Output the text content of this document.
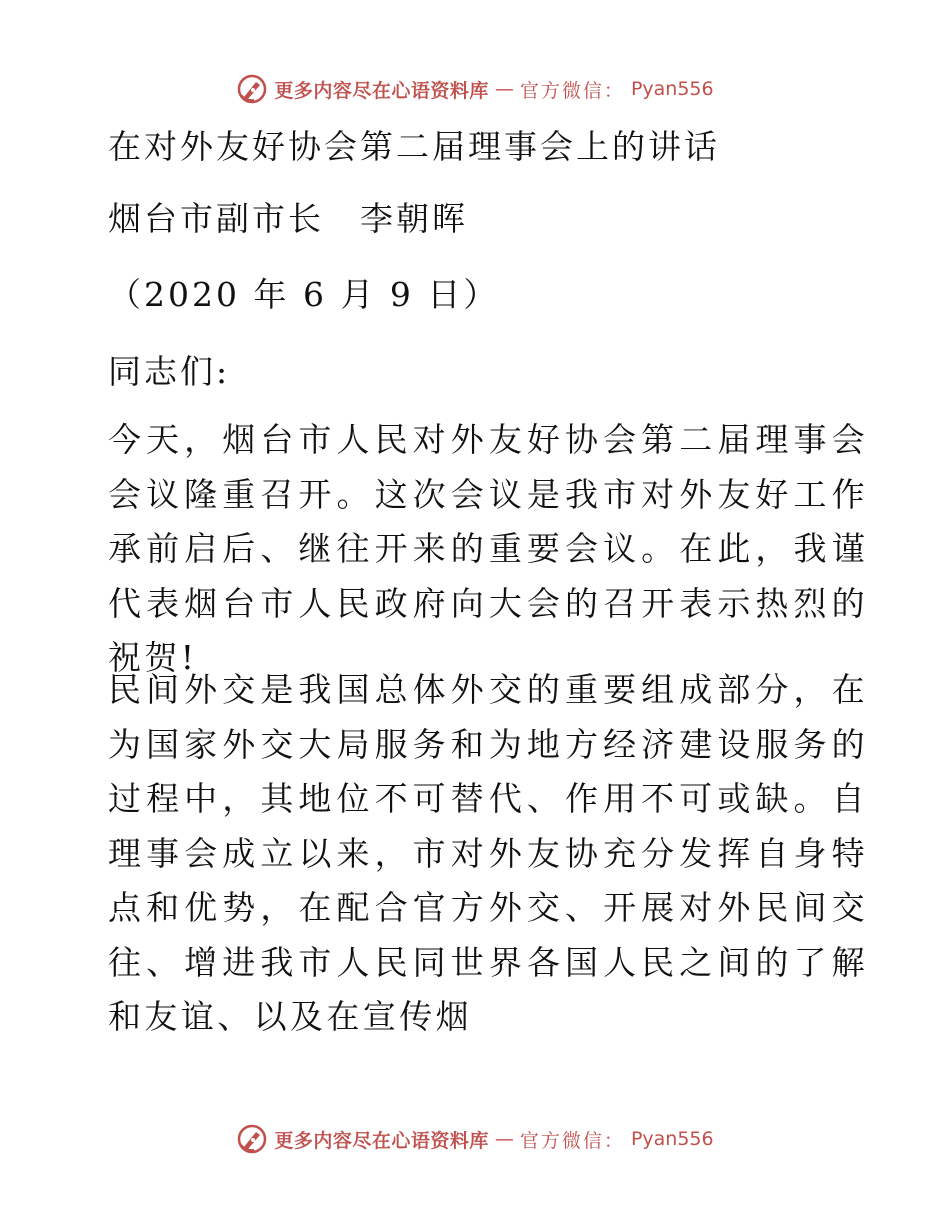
更多内容尽在心语资料库 — 官方微信： Pyan556
在对外友好协会第二届理事会上的讲话
烟台市副市长　李朝晖
（2020 年 6 月 9 日）
同志们:
今天，烟台市人民对外友好协会第二届理事会会议隆重召开。这次会议是我市对外友好工作承前启后、继往开来的重要会议。在此，我谨代表烟台市人民政府向大会的召开表示热烈的祝贺!
民间外交是我国总体外交的重要组成部分，在为国家外交大局服务和为地方经济建设服务的过程中，其地位不可替代、作用不可或缺。自理事会成立以来，市对外友协充分发挥自身特点和优势，在配合官方外交、开展对外民间交往、增进我市人民同世界各国人民之间的了解和友谊、以及在宣传烟
更多内容尽在心语资料库 — 官方微信： Pyan556
